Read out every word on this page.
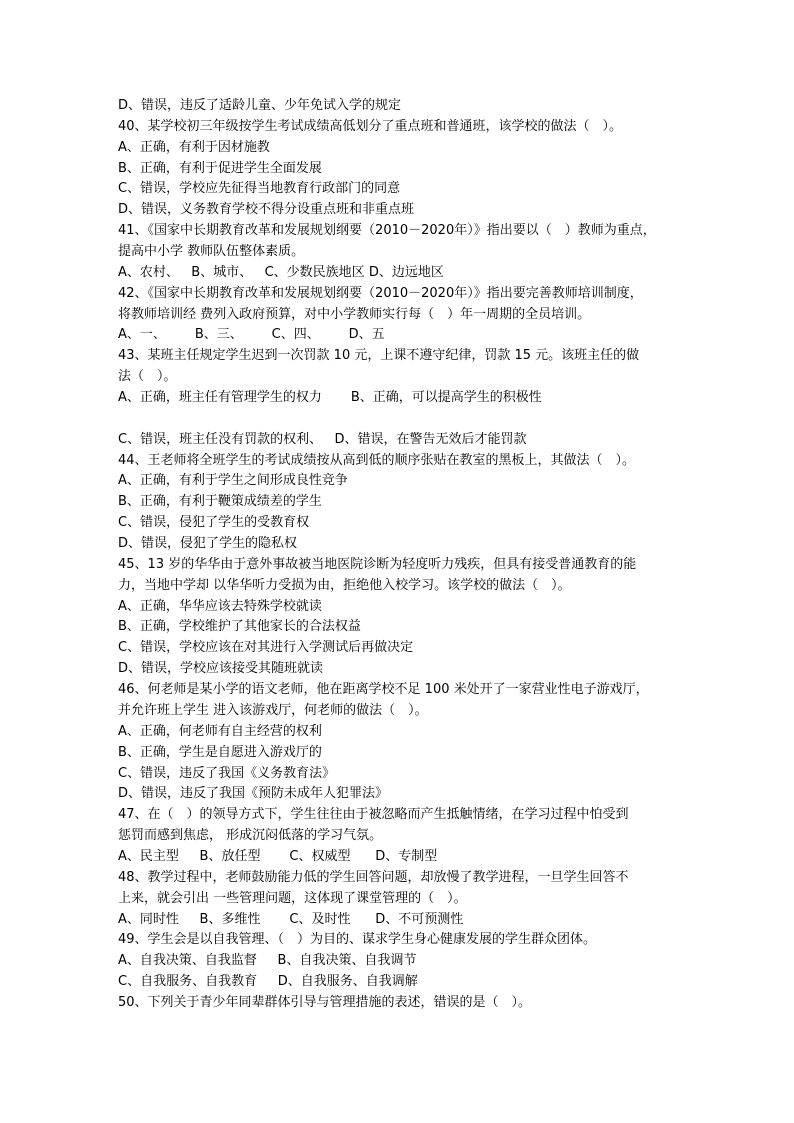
D、错误，违反了适龄儿童、少年免试入学的规定
40、某学校初三年级按学生考试成绩高低划分了重点班和普通班，该学校的做法（　）。
A、正确，有利于因材施教
B、正确，有利于促进学生全面发展
C、错误，学校应先征得当地教育行政部门的同意
D、错误，义务教育学校不得分设重点班和非重点班
41、《国家中长期教育改革和发展规划纲要（2010－2020年）》指出要以（　）教师为重点，
提高中小学 教师队伍整体素质。
A、农村、   B、城市、   C、少数民族地区 D、边远地区
42、《国家中长期教育改革和发展规划纲要（2010－2020年）》指出要完善教师培训制度，
将教师培训经 费列入政府预算，对中小学教师实行每（　）年一周期的全员培训。
A、一、       B、三、       C、四、       D、五
43、某班主任规定学生迟到一次罚款 10 元，上课不遵守纪律，罚款 15 元。该班主任的做
法（　）。
A、正确，班主任有管理学生的权力       B、正确，可以提高学生的积极性
C、错误，班主任没有罚款的权利、   D、错误，在警告无效后才能罚款
44、王老师将全班学生的考试成绩按从高到低的顺序张贴在教室的黑板上，其做法（　）。
A、正确，有利于学生之间形成良性竞争
B、正确，有利于鞭策成绩差的学生
C、错误，侵犯了学生的受教育权
D、错误，侵犯了学生的隐私权
45、13 岁的华华由于意外事故被当地医院诊断为轻度听力残疾，但具有接受普通教育的能
力，当地中学却 以华华听力受损为由，拒绝他入校学习。该学校的做法（　）。
A、正确，华华应该去特殊学校就读
B、正确，学校维护了其他家长的合法权益
C、错误，学校应该在对其进行入学测试后再做决定
D、错误，学校应该接受其随班就读
46、何老师是某小学的语文老师，他在距离学校不足 100 米处开了一家营业性电子游戏厅，
并允许班上学生 进入该游戏厅，何老师的做法（　）。
A、正确，何老师有自主经营的权利
B、正确，学生是自愿进入游戏厅的
C、错误，违反了我国《义务教育法》
D、错误，违反了我国《预防未成年人犯罪法》
47、在（　）的领导方式下，学生往往由于被忽略而产生抵触情绪，在学习过程中怕受到
惩罚而感到焦虑， 形成沉闷低落的学习气氛。
A、民主型     B、放任型       C、权威型      D、专制型
48、教学过程中，老师鼓励能力低的学生回答问题，却放慢了教学进程，一旦学生回答不
上来，就会引出 一些管理问题，这体现了课堂管理的（　）。
A、同时性     B、多维性       C、及时性      D、不可预测性
49、学生会是以自我管理、（　）为目的、谋求学生身心健康发展的学生群众团体。
A、自我决策、自我监督     B、自我决策、自我调节
C、自我服务、自我教育     D、自我服务、自我调解
50、下列关于青少年同辈群体引导与管理措施的表述，错误的是（　）。
